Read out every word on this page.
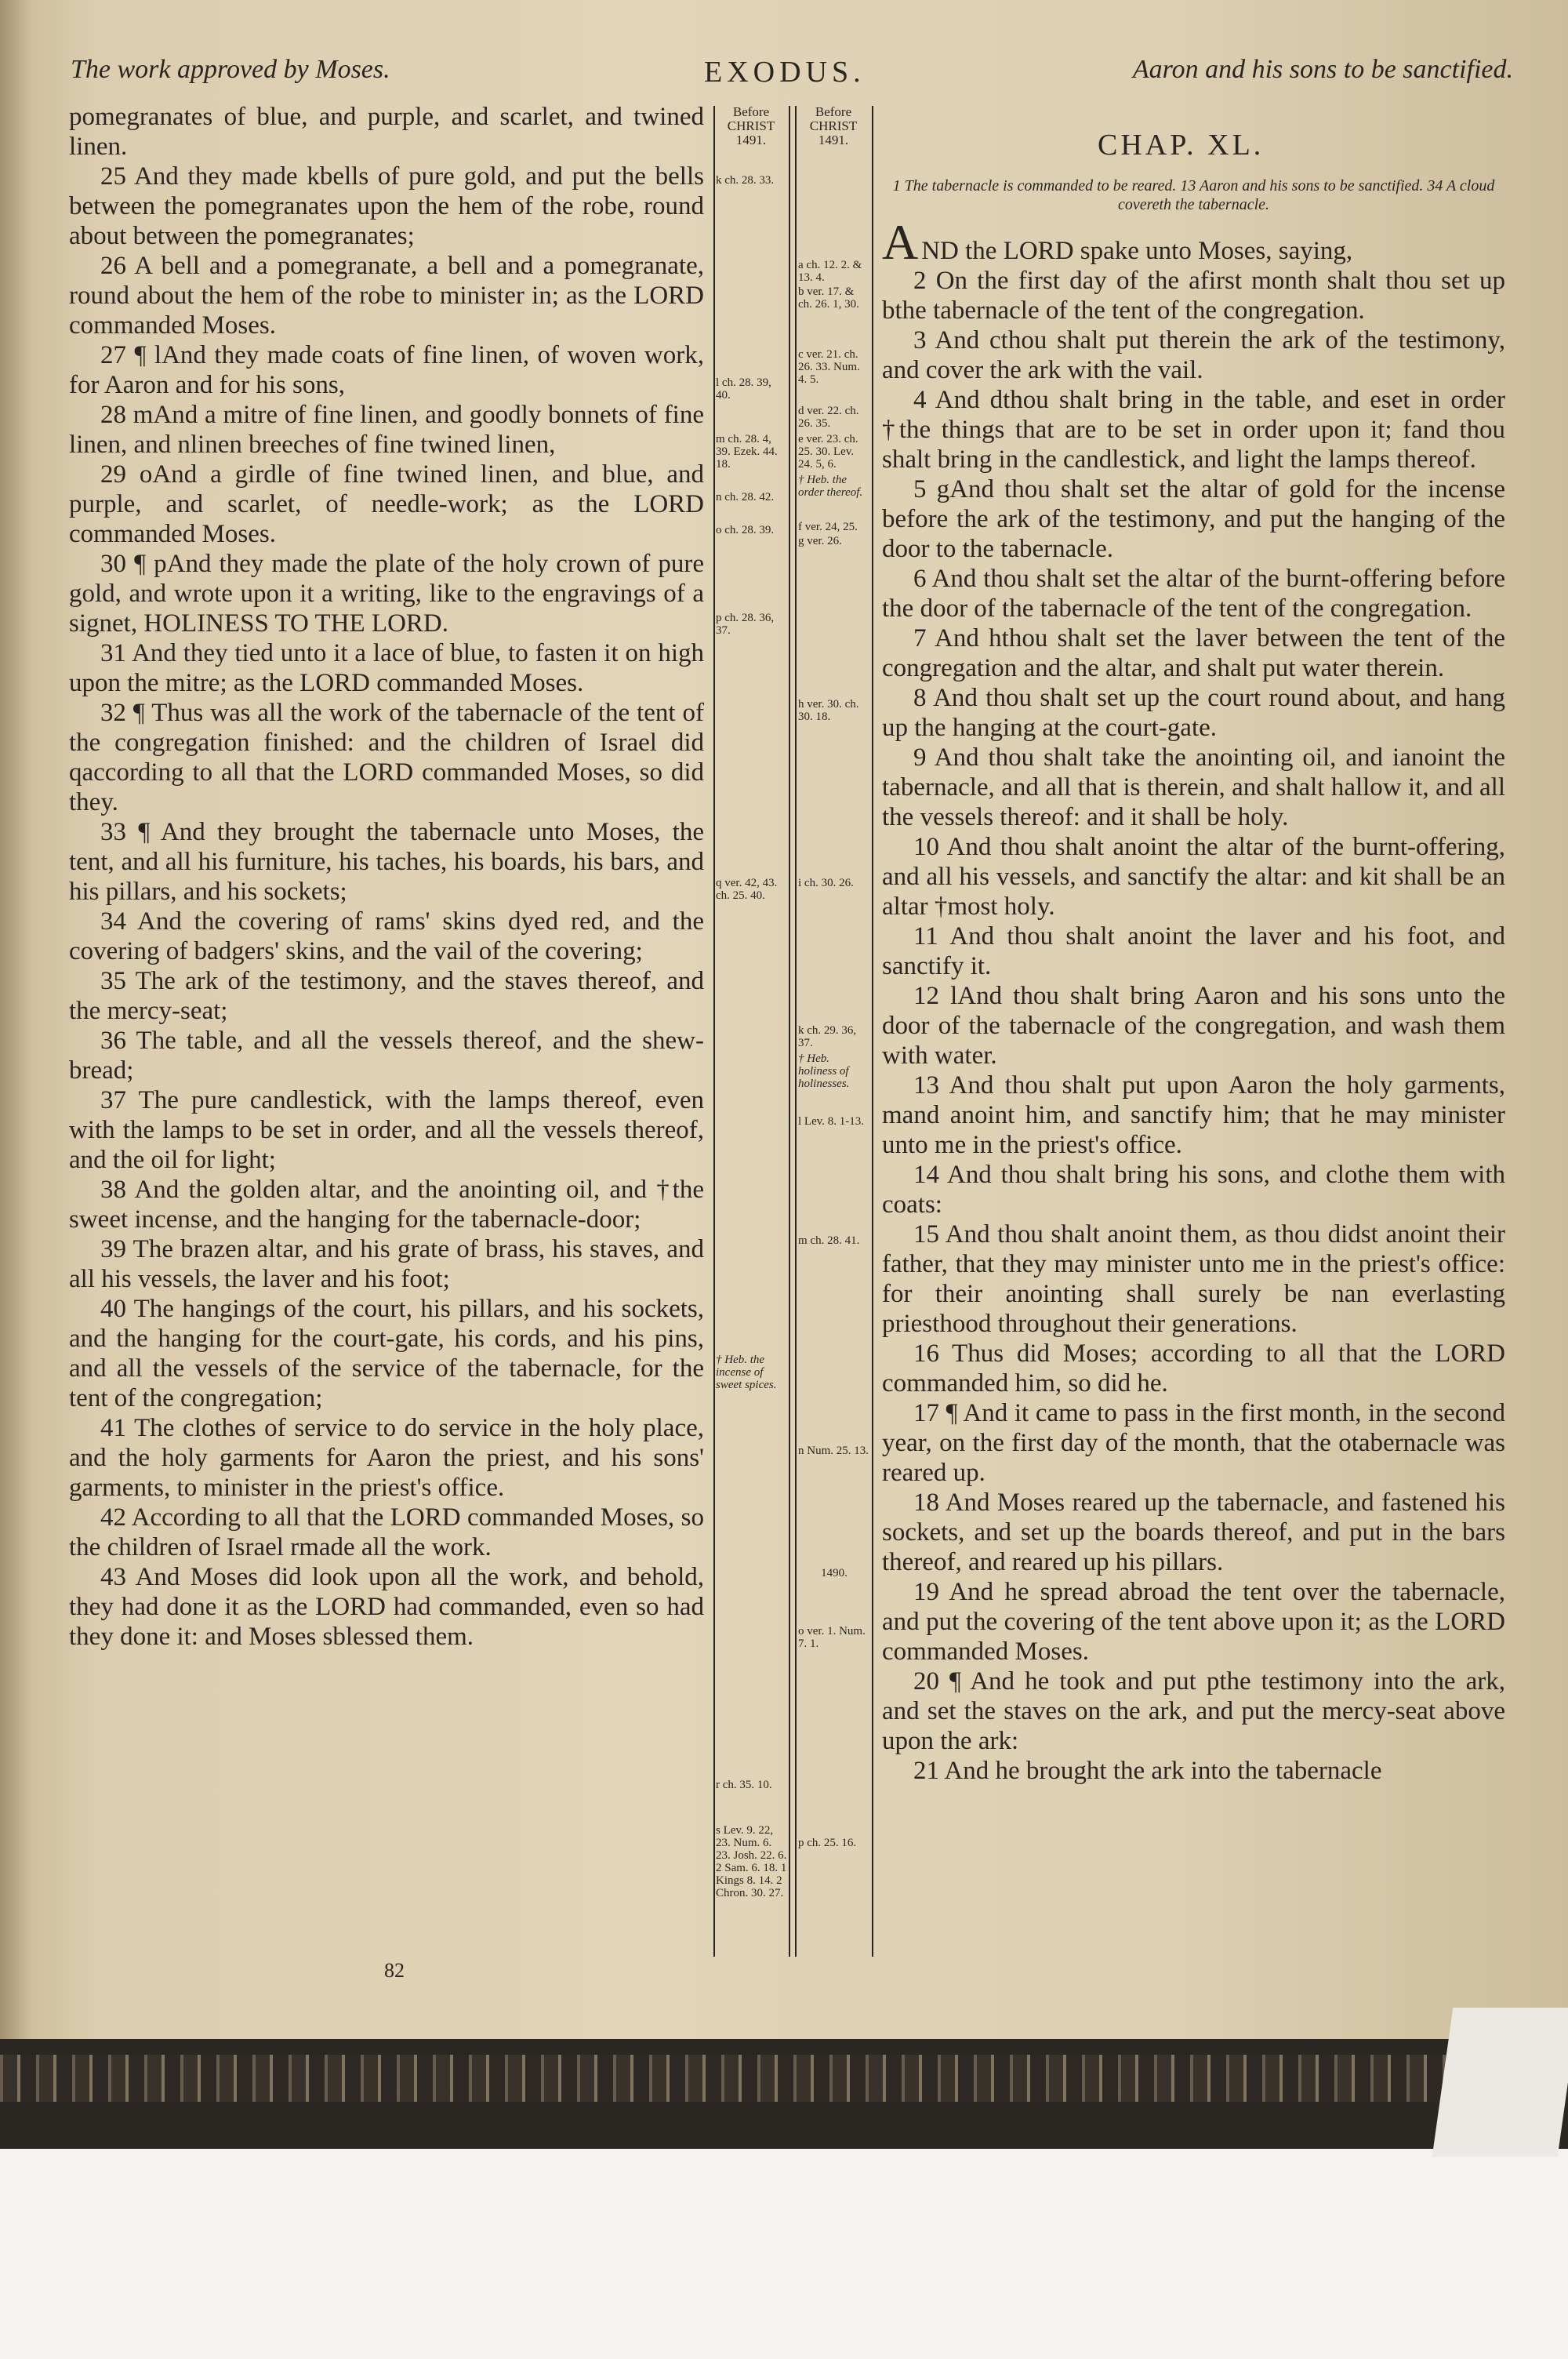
The work approved by Moses.	EXODUS.	Aaron and his sons to be sanctified.
Before CHRIST 1491.
Before CHRIST 1491.
k ch. 28. 33.
l ch. 28. 39, 40.
m ch. 28. 4, 39. Ezek. 44. 18.
n ch. 28. 42.
o ch. 28. 39.
p ch. 28. 36, 37.
q ver. 42, 43. ch. 25. 40.
† Heb. the incense of sweet spices.
r ch. 35. 10.
s Lev. 9. 22, 23. Num. 6. 23. Josh. 22. 6. 2 Sam. 6. 18. 1 Kings 8. 14. 2 Chron. 30. 27.
a ch. 12. 2. & 13. 4.
b ver. 17. & ch. 26. 1, 30.
c ver. 21. ch. 26. 33. Num. 4. 5.
d ver. 22. ch. 26. 35.
e ver. 23. ch. 25. 30. Lev. 24. 5, 6.
† Heb. the order thereof.
f ver. 24, 25.
g ver. 26.
h ver. 30. ch. 30. 18.
i ch. 30. 26.
k ch. 29. 36, 37.
† Heb. holiness of holinesses.
l Lev. 8. 1-13.
m ch. 28. 41.
n Num. 25. 13.
1490.
o ver. 1. Num. 7. 1.
p ch. 25. 16.

pomegranates of blue, and purple, and scarlet, and twined linen.

25 And they made kbells of pure gold, and put the bells between the pomegranates upon the hem of the robe, round about between the pomegranates;

26 A bell and a pomegranate, a bell and a pomegranate, round about the hem of the robe to minister in; as the LORD commanded Moses.

27 ¶ lAnd they made coats of fine linen, of woven work, for Aaron and for his sons,

28 mAnd a mitre of fine linen, and goodly bonnets of fine linen, and nlinen breeches of fine twined linen,

29 oAnd a girdle of fine twined linen, and blue, and purple, and scarlet, of needle-work; as the LORD commanded Moses.

30 ¶ pAnd they made the plate of the holy crown of pure gold, and wrote upon it a writing, like to the engravings of a signet, HOLINESS TO THE LORD.

31 And they tied unto it a lace of blue, to fasten it on high upon the mitre; as the LORD commanded Moses.

32 ¶ Thus was all the work of the tabernacle of the tent of the congregation finished: and the children of Israel did qaccording to all that the LORD commanded Moses, so did they.

33 ¶ And they brought the tabernacle unto Moses, the tent, and all his furniture, his taches, his boards, his bars, and his pillars, and his sockets;

34 And the covering of rams' skins dyed red, and the covering of badgers' skins, and the vail of the covering;

35 The ark of the testimony, and the staves thereof, and the mercy-seat;

36 The table, and all the vessels thereof, and the shew-bread;

37 The pure candlestick, with the lamps thereof, even with the lamps to be set in order, and all the vessels thereof, and the oil for light;

38 And the golden altar, and the anointing oil, and †the sweet incense, and the hanging for the tabernacle-door;

39 The brazen altar, and his grate of brass, his staves, and all his vessels, the laver and his foot;

40 The hangings of the court, his pillars, and his sockets, and the hanging for the court-gate, his cords, and his pins, and all the vessels of the service of the tabernacle, for the tent of the congregation;

41 The clothes of service to do service in the holy place, and the holy garments for Aaron the priest, and his sons' garments, to minister in the priest's office.

42 According to all that the LORD commanded Moses, so the children of Israel rmade all the work.

43 And Moses did look upon all the work, and behold, they had done it as the LORD had commanded, even so had they done it: and Moses sblessed them.

CHAP. XL.
1 The tabernacle is commanded to be reared. 13 Aaron and his sons to be sanctified. 34 A cloud covereth the tabernacle.

AND the LORD spake unto Moses, saying,

2 On the first day of the afirst month shalt thou set up bthe tabernacle of the tent of the congregation.

3 And cthou shalt put therein the ark of the testimony, and cover the ark with the vail.

4 And dthou shalt bring in the table, and eset in order †the things that are to be set in order upon it; fand thou shalt bring in the candlestick, and light the lamps thereof.

5 gAnd thou shalt set the altar of gold for the incense before the ark of the testimony, and put the hanging of the door to the tabernacle.

6 And thou shalt set the altar of the burnt-offering before the door of the tabernacle of the tent of the congregation.

7 And hthou shalt set the laver between the tent of the congregation and the altar, and shalt put water therein.

8 And thou shalt set up the court round about, and hang up the hanging at the court-gate.

9 And thou shalt take the anointing oil, and ianoint the tabernacle, and all that is therein, and shalt hallow it, and all the vessels thereof: and it shall be holy.

10 And thou shalt anoint the altar of the burnt-offering, and all his vessels, and sanctify the altar: and kit shall be an altar †most holy.

11 And thou shalt anoint the laver and his foot, and sanctify it.

12 lAnd thou shalt bring Aaron and his sons unto the door of the tabernacle of the congregation, and wash them with water.

13 And thou shalt put upon Aaron the holy garments, mand anoint him, and sanctify him; that he may minister unto me in the priest's office.

14 And thou shalt bring his sons, and clothe them with coats:

15 And thou shalt anoint them, as thou didst anoint their father, that they may minister unto me in the priest's office: for their anointing shall surely be nan everlasting priesthood throughout their generations.

16 Thus did Moses; according to all that the LORD commanded him, so did he.

17 ¶ And it came to pass in the first month, in the second year, on the first day of the month, that the otabernacle was reared up.

18 And Moses reared up the tabernacle, and fastened his sockets, and set up the boards thereof, and put in the bars thereof, and reared up his pillars.

19 And he spread abroad the tent over the tabernacle, and put the covering of the tent above upon it; as the LORD commanded Moses.

20 ¶ And he took and put pthe testimony into the ark, and set the staves on the ark, and put the mercy-seat above upon the ark:

21 And he brought the ark into the tabernacle

82
